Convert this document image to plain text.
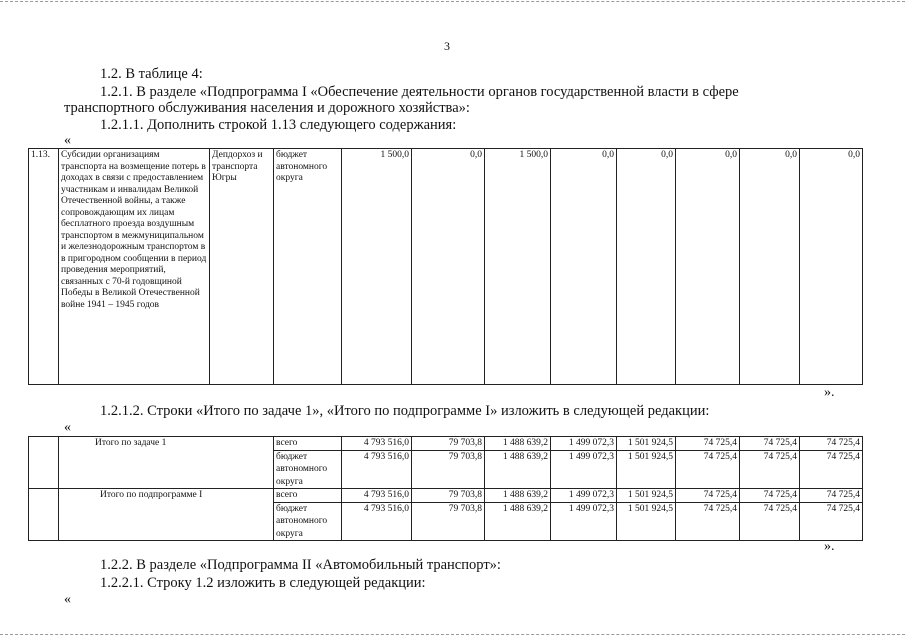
3
1.2. В таблице 4:
1.2.1. В разделе «Подпрограмма I «Обеспечение деятельности органов государственной власти в сфере
транспортного обслуживания населения и дорожного хозяйства»:
1.2.1.1. Дополнить строкой 1.13 следующего содержания:
«
1.13.	Субсидии организациям транспорта на возмещение потерь в доходах в связи с предоставлением участникам и инвалидам Великой Отечественной войны, а также сопровождающим их лицам бесплатного проезда воздушным транспортом в межмуниципальном и железнодорожным транспортом в в пригородном сообщении в период проведения мероприятий, связанных с 70-й годовщиной Победы в Великой Отечественной войне 1941 – 1945 годов	Депдорхоз и транспорта Югры	бюджет автономного округа	1 500,0	0,0	1 500,0	0,0	0,0	0,0	0,0	0,0
».
1.2.1.2. Строки «Итого по задаче 1», «Итого по подпрограмме I» изложить в следующей редакции:
«
	Итого по задаче 1	всего	4 793 516,0	79 703,8	1 488 639,2	1 499 072,3	1 501 924,5	74 725,4	74 725,4	74 725,4
		бюджет автономного округа	4 793 516,0	79 703,8	1 488 639,2	1 499 072,3	1 501 924,5	74 725,4	74 725,4	74 725,4
	Итого по подпрограмме I	всего	4 793 516,0	79 703,8	1 488 639,2	1 499 072,3	1 501 924,5	74 725,4	74 725,4	74 725,4
		бюджет автономного округа	4 793 516,0	79 703,8	1 488 639,2	1 499 072,3	1 501 924,5	74 725,4	74 725,4	74 725,4
».
1.2.2. В разделе «Подпрограмма II «Автомобильный транспорт»:
1.2.2.1. Строку 1.2 изложить в следующей редакции:
«
